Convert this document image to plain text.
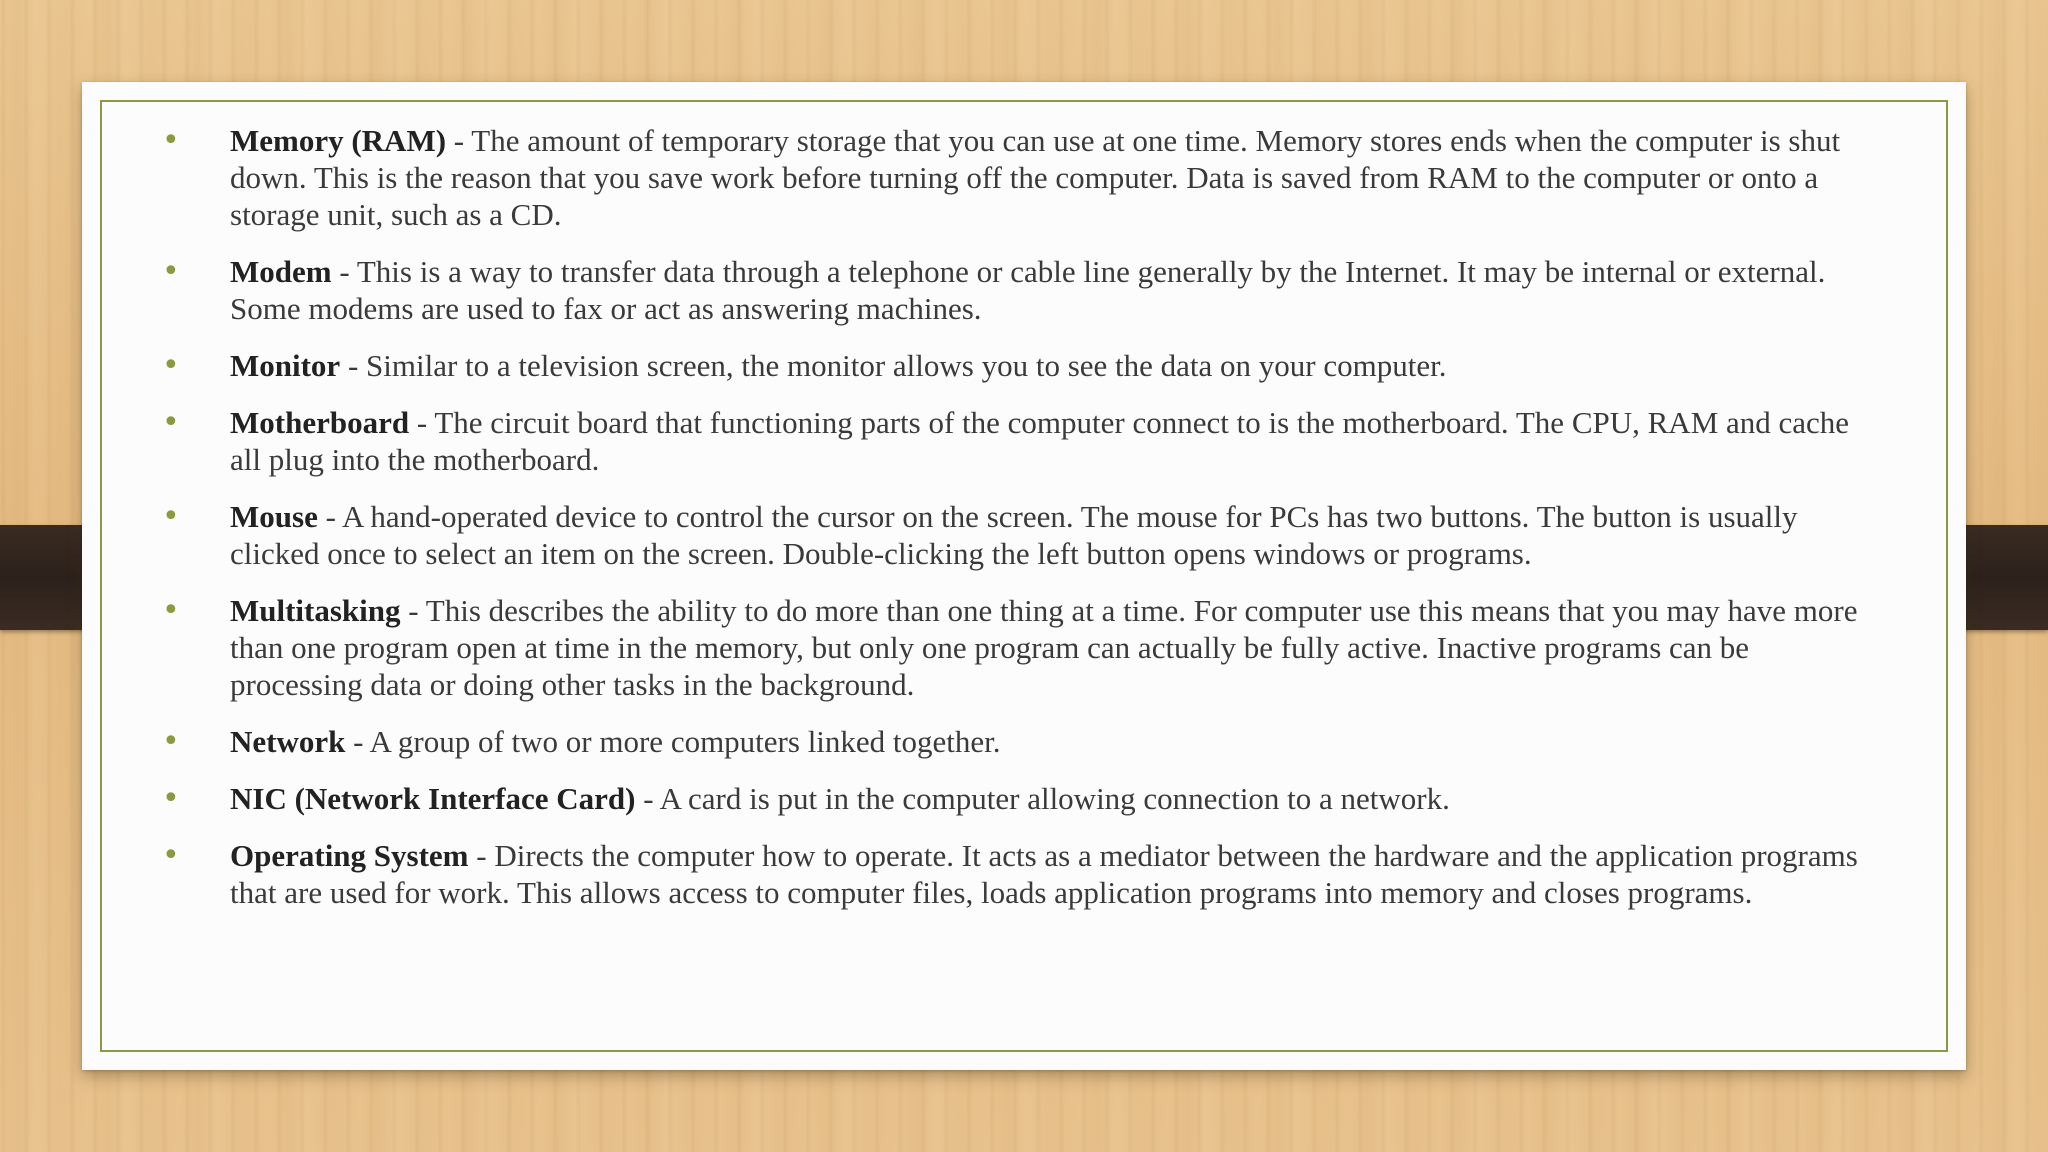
•	Memory (RAM) - The amount of temporary storage that you can use at one time. Memory stores ends when the computer is shut down. This is the reason that you save work before turning off the computer. Data is saved from RAM to the computer or onto a storage unit, such as a CD.
•	Modem - This is a way to transfer data through a telephone or cable line generally by the Internet. It may be internal or external. Some modems are used to fax or act as answering machines.
•	Monitor - Similar to a television screen, the monitor allows you to see the data on your computer.
•	Motherboard - The circuit board that functioning parts of the computer connect to is the motherboard. The CPU, RAM and cache all plug into the motherboard.
•	Mouse - A hand-operated device to control the cursor on the screen. The mouse for PCs has two buttons. The button is usually clicked once to select an item on the screen. Double-clicking the left button opens windows or programs.
•	Multitasking - This describes the ability to do more than one thing at a time. For computer use this means that you may have more than one program open at time in the memory, but only one program can actually be fully active. Inactive programs can be processing data or doing other tasks in the background.
•	Network - A group of two or more computers linked together.
•	NIC (Network Interface Card) - A card is put in the computer allowing connection to a network.
•	Operating System - Directs the computer how to operate. It acts as a mediator between the hardware and the application programs that are used for work. This allows access to computer files, loads application programs into memory and closes programs.
